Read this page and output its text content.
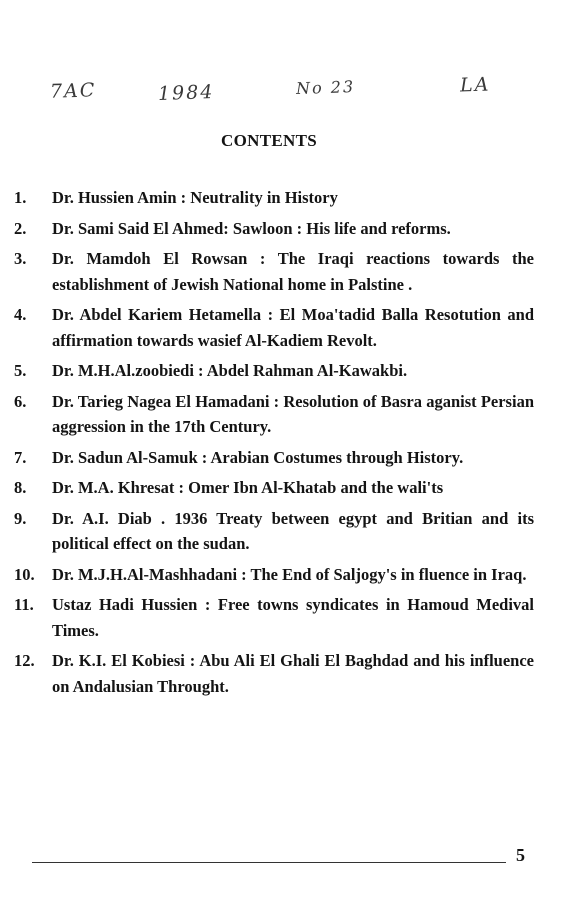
7AC	1984	No 23	LA
CONTENTS
1. Dr. Hussien Amin : Neutrality in History
2. Dr. Sami Said El Ahmed: Sawloon : His life and reforms.
3. Dr. Mamdoh El Rowsan : The Iraqi reactions towards the establishment of Jewish National home in Palstine .
4. Dr. Abdel Kariem Hetamella : El Moa'tadid Balla Resotution and affirmation towards wasief Al-Kadiem Revolt.
5. Dr. M.H.Al.zoobiedi : Abdel Rahman Al-Kawakbi.
6. Dr. Tarieg Nagea El Hamadani : Resolution of Basra aganist Persian aggression in the 17th Century.
7. Dr. Sadun Al-Samuk : Arabian Costumes through History.
8. Dr. M.A. Khresat : Omer Ibn Al-Khatab and the wali'ts
9. Dr. A.I. Diab . 1936 Treaty between egypt and Britian and its political effect on the sudan.
10. Dr. M.J.H.Al-Mashhadani : The End of Saljogy's in fluence in Iraq.
11. Ustaz Hadi Hussien : Free towns syndicates in Hamoud Medival Times.
12. Dr. K.I. El Kobiesi : Abu Ali El Ghali El Baghdad and his influence on Andalusian Throught.
5
